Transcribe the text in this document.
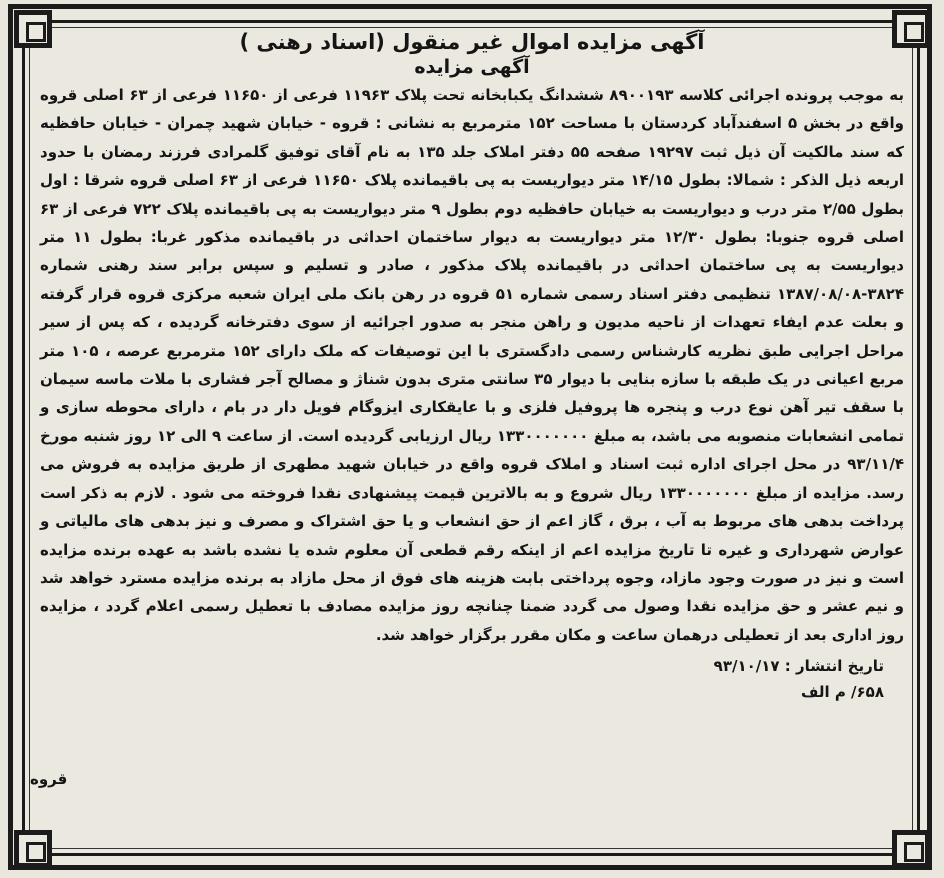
آگهی مزایده اموال غیر منقول (اسناد رهنی )

آگهی مزایده

به موجب پرونده اجرائی کلاسه ۸۹۰۰۱۹۳ ششدانگ یکبابخانه تحت پلاک ۱۱۹۶۳ فرعی از ۱۱۶۵۰ فرعی از ۶۳ اصلی قروه واقع در بخش ۵ اسفندآباد کردستان با مساحت ۱۵۲ مترمربع به نشانی : قروه - خیابان شهید چمران - خیابان حافظیه که سند مالکیت آن ذیل ثبت ۱۹۲۹۷ صفحه ۵۵ دفتر املاک جلد ۱۳۵ به نام آقای توفیق گلمرادی فرزند رمضان با حدود اربعه ذیل الذکر : شمالا: بطول ۱۴/۱۵ متر دیواریست به پی باقیمانده پلاک ۱۱۶۵۰ فرعی از ۶۳ اصلی قروه شرقا : اول بطول ۲/۵۵ متر درب و دیواریست به خیابان حافظیه دوم بطول ۹ متر دیواریست به پی باقیمانده پلاک ۷۲۲ فرعی از ۶۳ اصلی قروه جنوبا: بطول ۱۲/۳۰ متر دیواریست به دیوار ساختمان احداثی در باقیمانده مذکور غربا: بطول ۱۱ متر دیواریست به پی ساختمان احداثی در باقیمانده پلاک مذکور ، صادر و تسلیم و سپس برابر سند رهنی شماره ۳۸۲۴-۱۳۸۷/۰۸/۰۸ تنظیمی دفتر اسناد رسمی شماره ۵۱ قروه در رهن بانک ملی ایران شعبه مرکزی قروه قرار گرفته و بعلت عدم ایفاء تعهدات از ناحیه مدیون و راهن منجر به صدور اجرائیه از سوی دفترخانه گردیده ، که پس از سیر مراحل اجرایی طبق نظریه کارشناس رسمی دادگستری با این توصیفات که ملک دارای ۱۵۲ مترمربع عرصه ، ۱۰۵ متر مربع اعیانی در یک طبقه با سازه بنایی با دیوار ۳۵ سانتی متری بدون شناژ و مصالح آجر فشاری با ملات ماسه سیمان با سقف تیر آهن نوع درب و پنجره ها پروفیل فلزی و با عایقکاری ایزوگام فویل دار در بام ، دارای محوطه سازی و تمامی انشعابات منصوبه می باشد، به مبلغ ۱۳۳۰۰۰۰۰۰۰ ریال ارزیابی گردیده است. از ساعت ۹ الی ۱۲ روز شنبه مورخ ۹۳/۱۱/۴ در محل اجرای اداره ثبت اسناد و املاک قروه واقع در خیابان شهید مطهری از طریق مزایده به فروش می رسد. مزایده از مبلغ ۱۳۳۰۰۰۰۰۰۰ ریال شروع و به بالاترین قیمت پیشنهادی نقدا فروخته می شود . لازم به ذکر است پرداخت بدهی های مربوط به آب ، برق ، گاز اعم از حق انشعاب و یا حق اشتراک و مصرف و نیز بدهی های مالیاتی و عوارض شهرداری و غیره تا تاریخ مزایده اعم از اینکه رقم قطعی آن معلوم شده یا نشده باشد به عهده برنده مزایده است و نیز در صورت وجود مازاد، وجوه پرداختی بابت هزینه های فوق از محل مازاد به برنده مزایده مسترد خواهد شد و نیم عشر و حق مزایده نقدا وصول می گردد ضمنا چنانچه روز مزایده مصادف با تعطیل رسمی اعلام گردد ، مزایده روز اداری بعد از تعطیلی درهمان ساعت و مکان مقرر برگزار خواهد شد.

تاریخ انتشار : ۹۳/۱۰/۱۷

۶۵۸/ م الف

قروه
